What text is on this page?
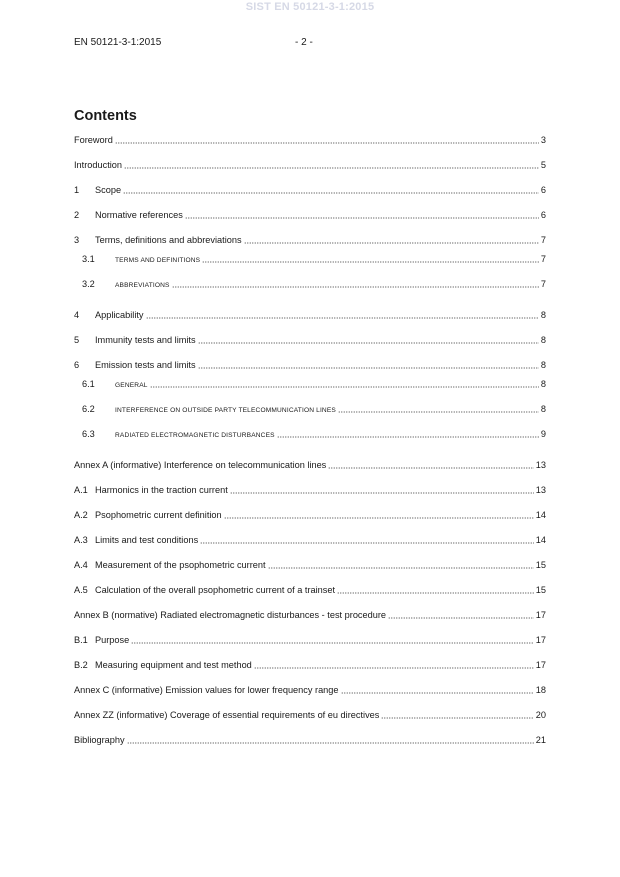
SIST EN 50121-3-1:2015
EN 50121-3-1:2015	- 2 -
Contents
Foreword	3
Introduction	5
1	Scope	6
2	Normative references	6
3	Terms, definitions and abbreviations	7
3.1	TERMS AND DEFINITIONS	7
3.2	ABBREVIATIONS	7
4	Applicability	8
5	Immunity tests and limits	8
6	Emission tests and limits	8
6.1	GENERAL	8
6.2	INTERFERENCE ON OUTSIDE PARTY TELECOMMUNICATION LINES	8
6.3	RADIATED ELECTROMAGNETIC DISTURBANCES	9
Annex A (informative) Interference on telecommunication lines	13
A.1 Harmonics in the traction current	13
A.2 Psophometric current definition	14
A.3 Limits and test conditions	14
A.4 Measurement of the psophometric current	15
A.5 Calculation of the overall psophometric current of a trainset	15
Annex B (normative) Radiated electromagnetic disturbances - test procedure	17
B.1 Purpose	17
B.2 Measuring equipment and test method	17
Annex C (informative) Emission values for lower frequency range	18
Annex ZZ (informative) Coverage of essential requirements of eu directives	20
Bibliography	21
